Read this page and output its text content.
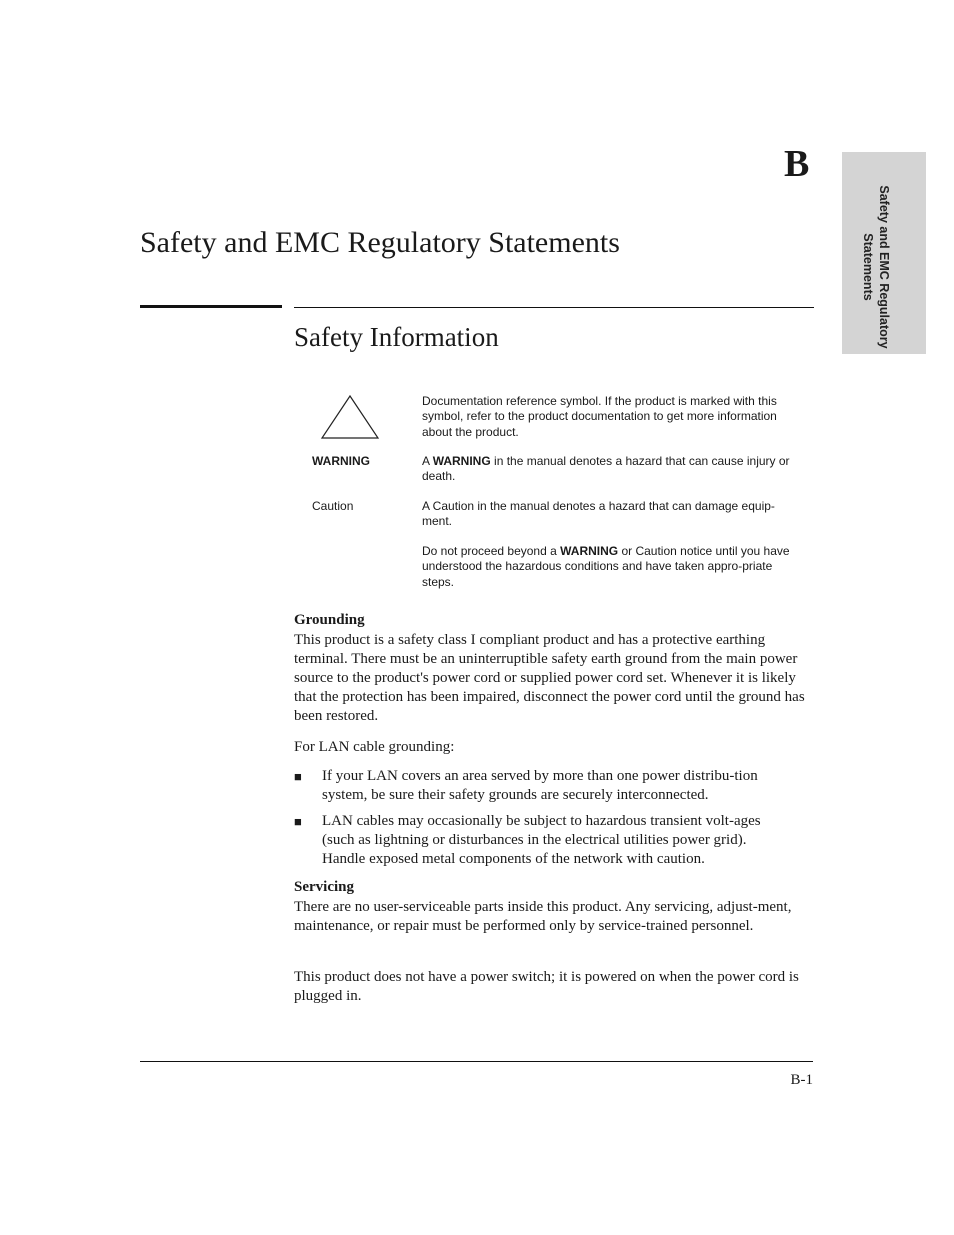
Safety and EMC Regulatory
Statements
B
Safety and EMC Regulatory Statements
Safety Information
Documentation reference symbol. If the product is marked with this symbol, refer to the product documentation to get more information about the product.
WARNING	A WARNING in the manual denotes a hazard that can cause injury or death.
Caution	A Caution in the manual denotes a hazard that can damage equip-ment.
Do not proceed beyond a WARNING or Caution notice until you have understood the hazardous conditions and have taken appro-priate steps.
Grounding
This product is a safety class I compliant product and has a protective earthing terminal. There must be an uninterruptible safety earth ground from the main power source to the product's power cord or supplied power cord set. Whenever it is likely that the protection has been impaired, disconnect the power cord until the ground has been restored.
For LAN cable grounding:
■ If your LAN covers an area served by more than one power distribu-tion system, be sure their safety grounds are securely interconnected.
■ LAN cables may occasionally be subject to hazardous transient volt-ages (such as lightning or disturbances in the electrical utilities power grid). Handle exposed metal components of the network with caution.
Servicing
There are no user-serviceable parts inside this product. Any servicing, adjust-ment, maintenance, or repair must be performed only by service-trained personnel.
This product does not have a power switch; it is powered on when the power cord is plugged in.
B-1
